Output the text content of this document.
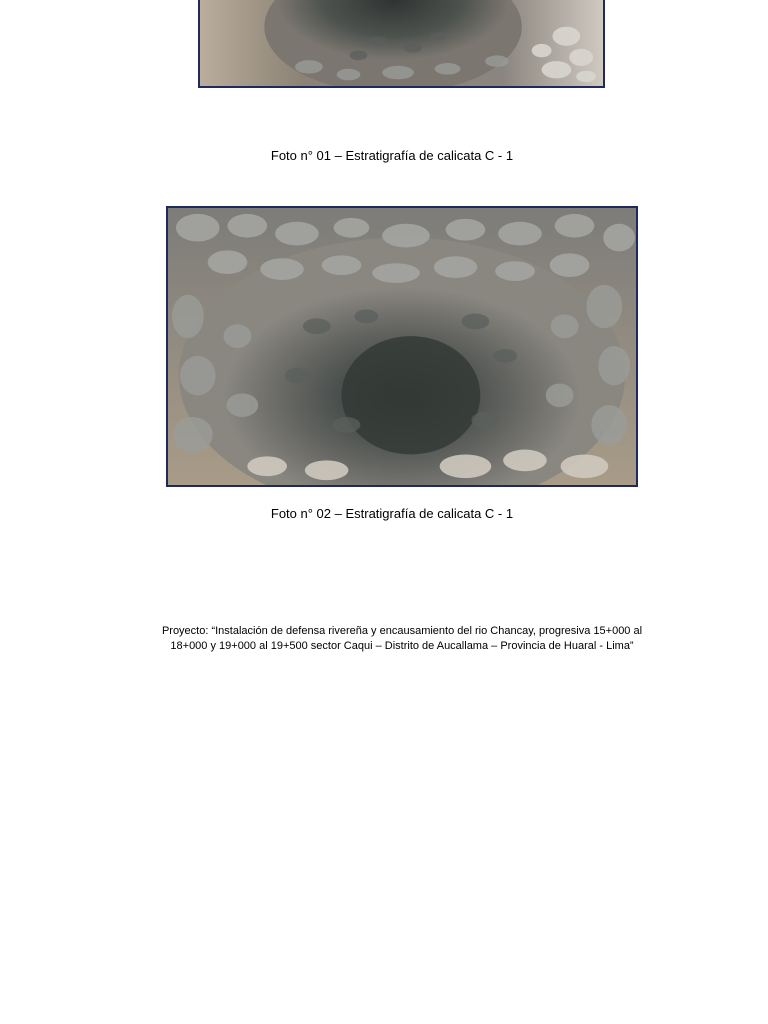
Foto n° 01 – Estratigrafía de calicata C - 1
Foto n° 02 – Estratigrafía de calicata C - 1
Proyecto: “Instalación de defensa rivereña y encausamiento del rio Chancay, progresiva 15+000 al
18+000 y 19+000 al 19+500 sector Caqui – Distrito de Aucallama – Provincia de Huaral - Lima”
